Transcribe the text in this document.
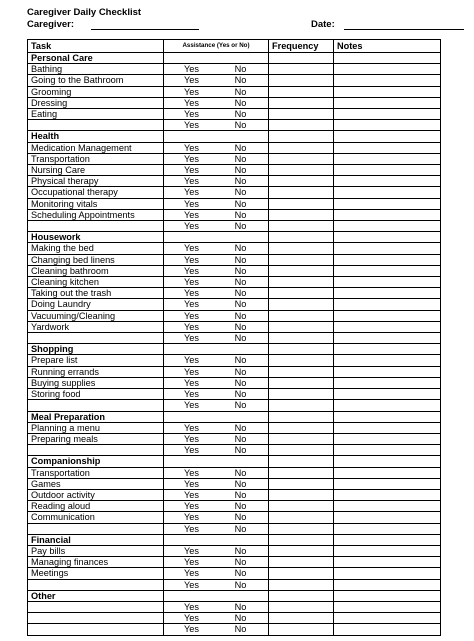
Caregiver Daily Checklist
Caregiver:	Date:
Task	Assistance (Yes or No)	Frequency	Notes
Personal Care			
Bathing	Yes No		
Going to the Bathroom	Yes No		
Grooming	Yes No		
Dressing	Yes No		
Eating	Yes No		
	Yes No		
Health			
Medication Management	Yes No		
Transportation	Yes No		
Nursing Care	Yes No		
Physical therapy	Yes No		
Occupational therapy	Yes No		
Monitoring vitals	Yes No		
Scheduling Appointments	Yes No		
	Yes No		
Housework			
Making the bed	Yes No		
Changing bed linens	Yes No		
Cleaning bathroom	Yes No		
Cleaning kitchen	Yes No		
Taking out the trash	Yes No		
Doing Laundry	Yes No		
Vacuuming/Cleaning	Yes No		
Yardwork	Yes No		
	Yes No		
Shopping			
Prepare list	Yes No		
Running errands	Yes No		
Buying supplies	Yes No		
Storing food	Yes No		
	Yes No		
Meal Preparation			
Planning a menu	Yes No		
Preparing meals	Yes No		
	Yes No		
Companionship			
Transportation	Yes No		
Games	Yes No		
Outdoor activity	Yes No		
Reading aloud	Yes No		
Communication	Yes No		
	Yes No		
Financial			
Pay bills	Yes No		
Managing finances	Yes No		
Meetings	Yes No		
	Yes No		
Other			
	Yes No		
	Yes No		
	Yes No		
